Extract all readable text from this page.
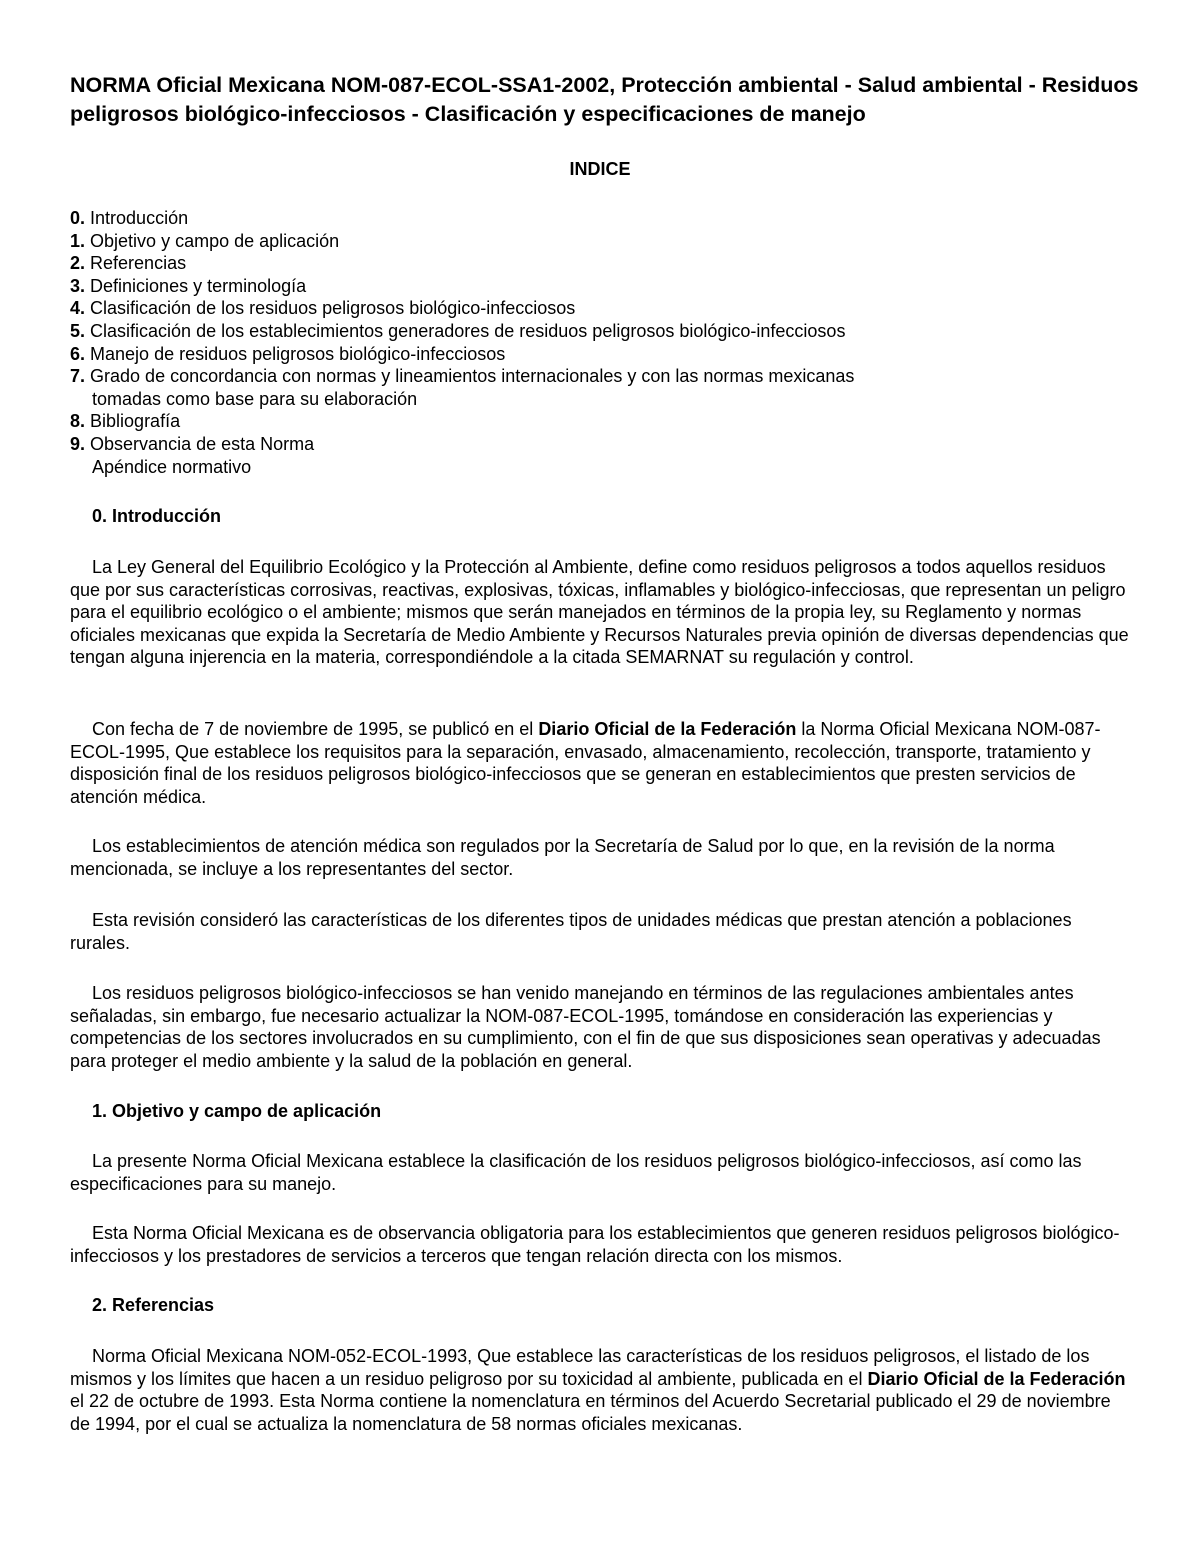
NORMA Oficial Mexicana NOM-087-ECOL-SSA1-2002, Protección ambiental - Salud ambiental - Residuos peligrosos biológico-infecciosos - Clasificación y especificaciones de manejo
INDICE
0. Introducción
1. Objetivo y campo de aplicación
2. Referencias
3. Definiciones y terminología
4. Clasificación de los residuos peligrosos biológico-infecciosos
5. Clasificación de los establecimientos generadores de residuos peligrosos biológico-infecciosos
6. Manejo de residuos peligrosos biológico-infecciosos
7. Grado de concordancia con normas y lineamientos internacionales y con las normas mexicanas
tomadas como base para su elaboración
8. Bibliografía
9. Observancia de esta Norma
Apéndice normativo
0. Introducción

La Ley General del Equilibrio Ecológico y la Protección al Ambiente, define como residuos peligrosos a todos aquellos residuos que por sus características corrosivas, reactivas, explosivas, tóxicas, inflamables y biológico-infecciosas, que representan un peligro para el equilibrio ecológico o el ambiente; mismos que serán manejados en términos de la propia ley, su Reglamento y normas oficiales mexicanas que expida la Secretaría de Medio Ambiente y Recursos Naturales previa opinión de diversas dependencias que tengan alguna injerencia en la materia, correspondiéndole a la citada SEMARNAT su regulación y control.

Con fecha de 7 de noviembre de 1995, se publicó en el Diario Oficial de la Federación la Norma Oficial Mexicana NOM-087-ECOL-1995, Que establece los requisitos para la separación, envasado, almacenamiento, recolección, transporte, tratamiento y disposición final de los residuos peligrosos biológico-infecciosos que se generan en establecimientos que presten servicios de atención médica.

Los establecimientos de atención médica son regulados por la Secretaría de Salud por lo que, en la revisión de la norma mencionada, se incluye a los representantes del sector.

Esta revisión consideró las características de los diferentes tipos de unidades médicas que prestan atención a poblaciones rurales.

Los residuos peligrosos biológico-infecciosos se han venido manejando en términos de las regulaciones ambientales antes señaladas, sin embargo, fue necesario actualizar la NOM-087-ECOL-1995, tomándose en consideración las experiencias y competencias de los sectores involucrados en su cumplimiento, con el fin de que sus disposiciones sean operativas y adecuadas para proteger el medio ambiente y la salud de la población en general.

1. Objetivo y campo de aplicación

La presente Norma Oficial Mexicana establece la clasificación de los residuos peligrosos biológico-infecciosos, así como las especificaciones para su manejo.

Esta Norma Oficial Mexicana es de observancia obligatoria para los establecimientos que generen residuos peligrosos biológico-infecciosos y los prestadores de servicios a terceros que tengan relación directa con los mismos.

2. Referencias

Norma Oficial Mexicana NOM-052-ECOL-1993, Que establece las características de los residuos peligrosos, el listado de los mismos y los límites que hacen a un residuo peligroso por su toxicidad al ambiente, publicada en el Diario Oficial de la Federación el 22 de octubre de 1993. Esta Norma contiene la nomenclatura en términos del Acuerdo Secretarial publicado el 29 de noviembre de 1994, por el cual se actualiza la nomenclatura de 58 normas oficiales mexicanas.
